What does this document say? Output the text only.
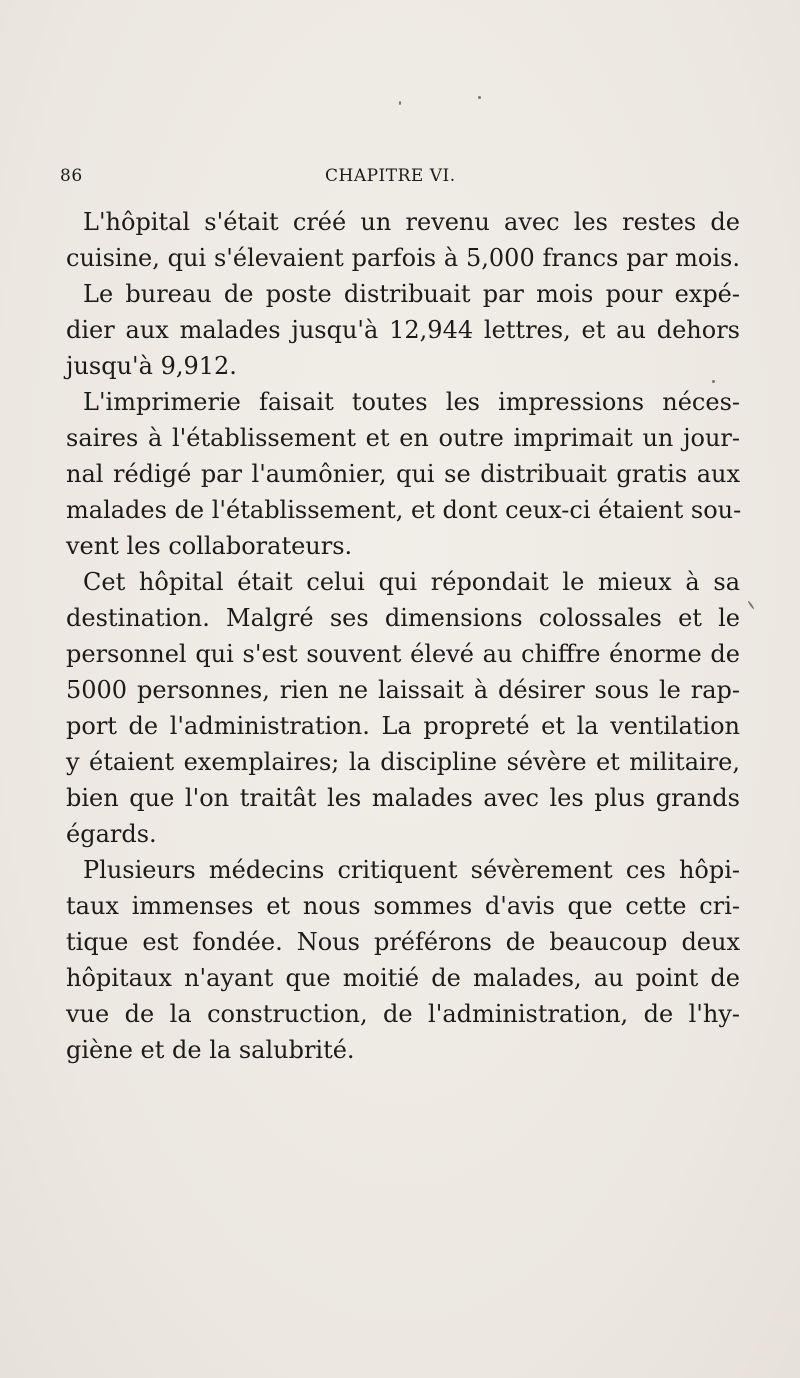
86	CHAPITRE VI.

L'hôpital s'était créé un revenu avec les restes de
cuisine, qui s'élevaient parfois à 5,000 francs par mois.
Le bureau de poste distribuait par mois pour expé-
dier aux malades jusqu'à 12,944 lettres, et au dehors
jusqu'à 9,912.

L'imprimerie faisait toutes les impressions néces-
saires à l'établissement et en outre imprimait un jour-
nal rédigé par l'aumônier, qui se distribuait gratis aux
malades de l'établissement, et dont ceux-ci étaient sou-
vent les collaborateurs.

Cet hôpital était celui qui répondait le mieux à sa
destination. Malgré ses dimensions colossales et le
personnel qui s'est souvent élevé au chiffre énorme de
5000 personnes, rien ne laissait à désirer sous le rap-
port de l'administration. La propreté et la ventilation
y étaient exemplaires; la discipline sévère et militaire,
bien que l'on traitât les malades avec les plus grands
égards.

Plusieurs médecins critiquent sévèrement ces hôpi-
taux immenses et nous sommes d'avis que cette cri-
tique est fondée. Nous préférons de beaucoup deux
hôpitaux n'ayant que moitié de malades, au point de
vue de la construction, de l'administration, de l'hy-
giène et de la salubrité.
